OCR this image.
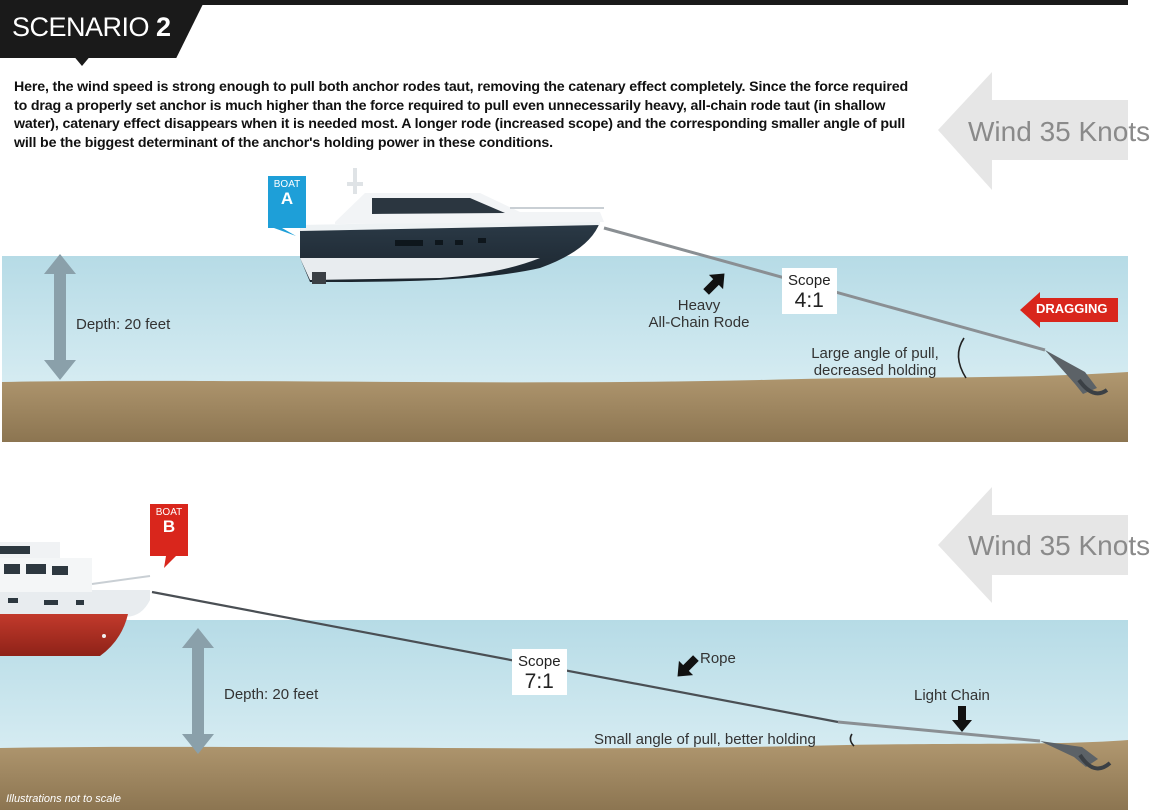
SCENARIO 2
Here, the wind speed is strong enough to pull both anchor rodes taut, removing the catenary effect completely. Since the force required to drag a properly set anchor is much higher than the force required to pull even unnecessarily heavy, all-chain rode taut (in shallow water), catenary effect disappears when it is needed most. A longer rode (increased scope) and the corresponding smaller angle of pull will be the biggest determinant of the anchor's holding power in these conditions.
BOAT
A
Wind 35 Knots
Depth: 20 feet
Scope
4:1
Heavy
All-Chain Rode
Large angle of pull,
decreased holding
DRAGGING
BOAT
B
Wind 35 Knots
Depth: 20 feet
Scope
7:1
Rope
Light Chain
Small angle of pull, better holding
Illustrations not to scale
